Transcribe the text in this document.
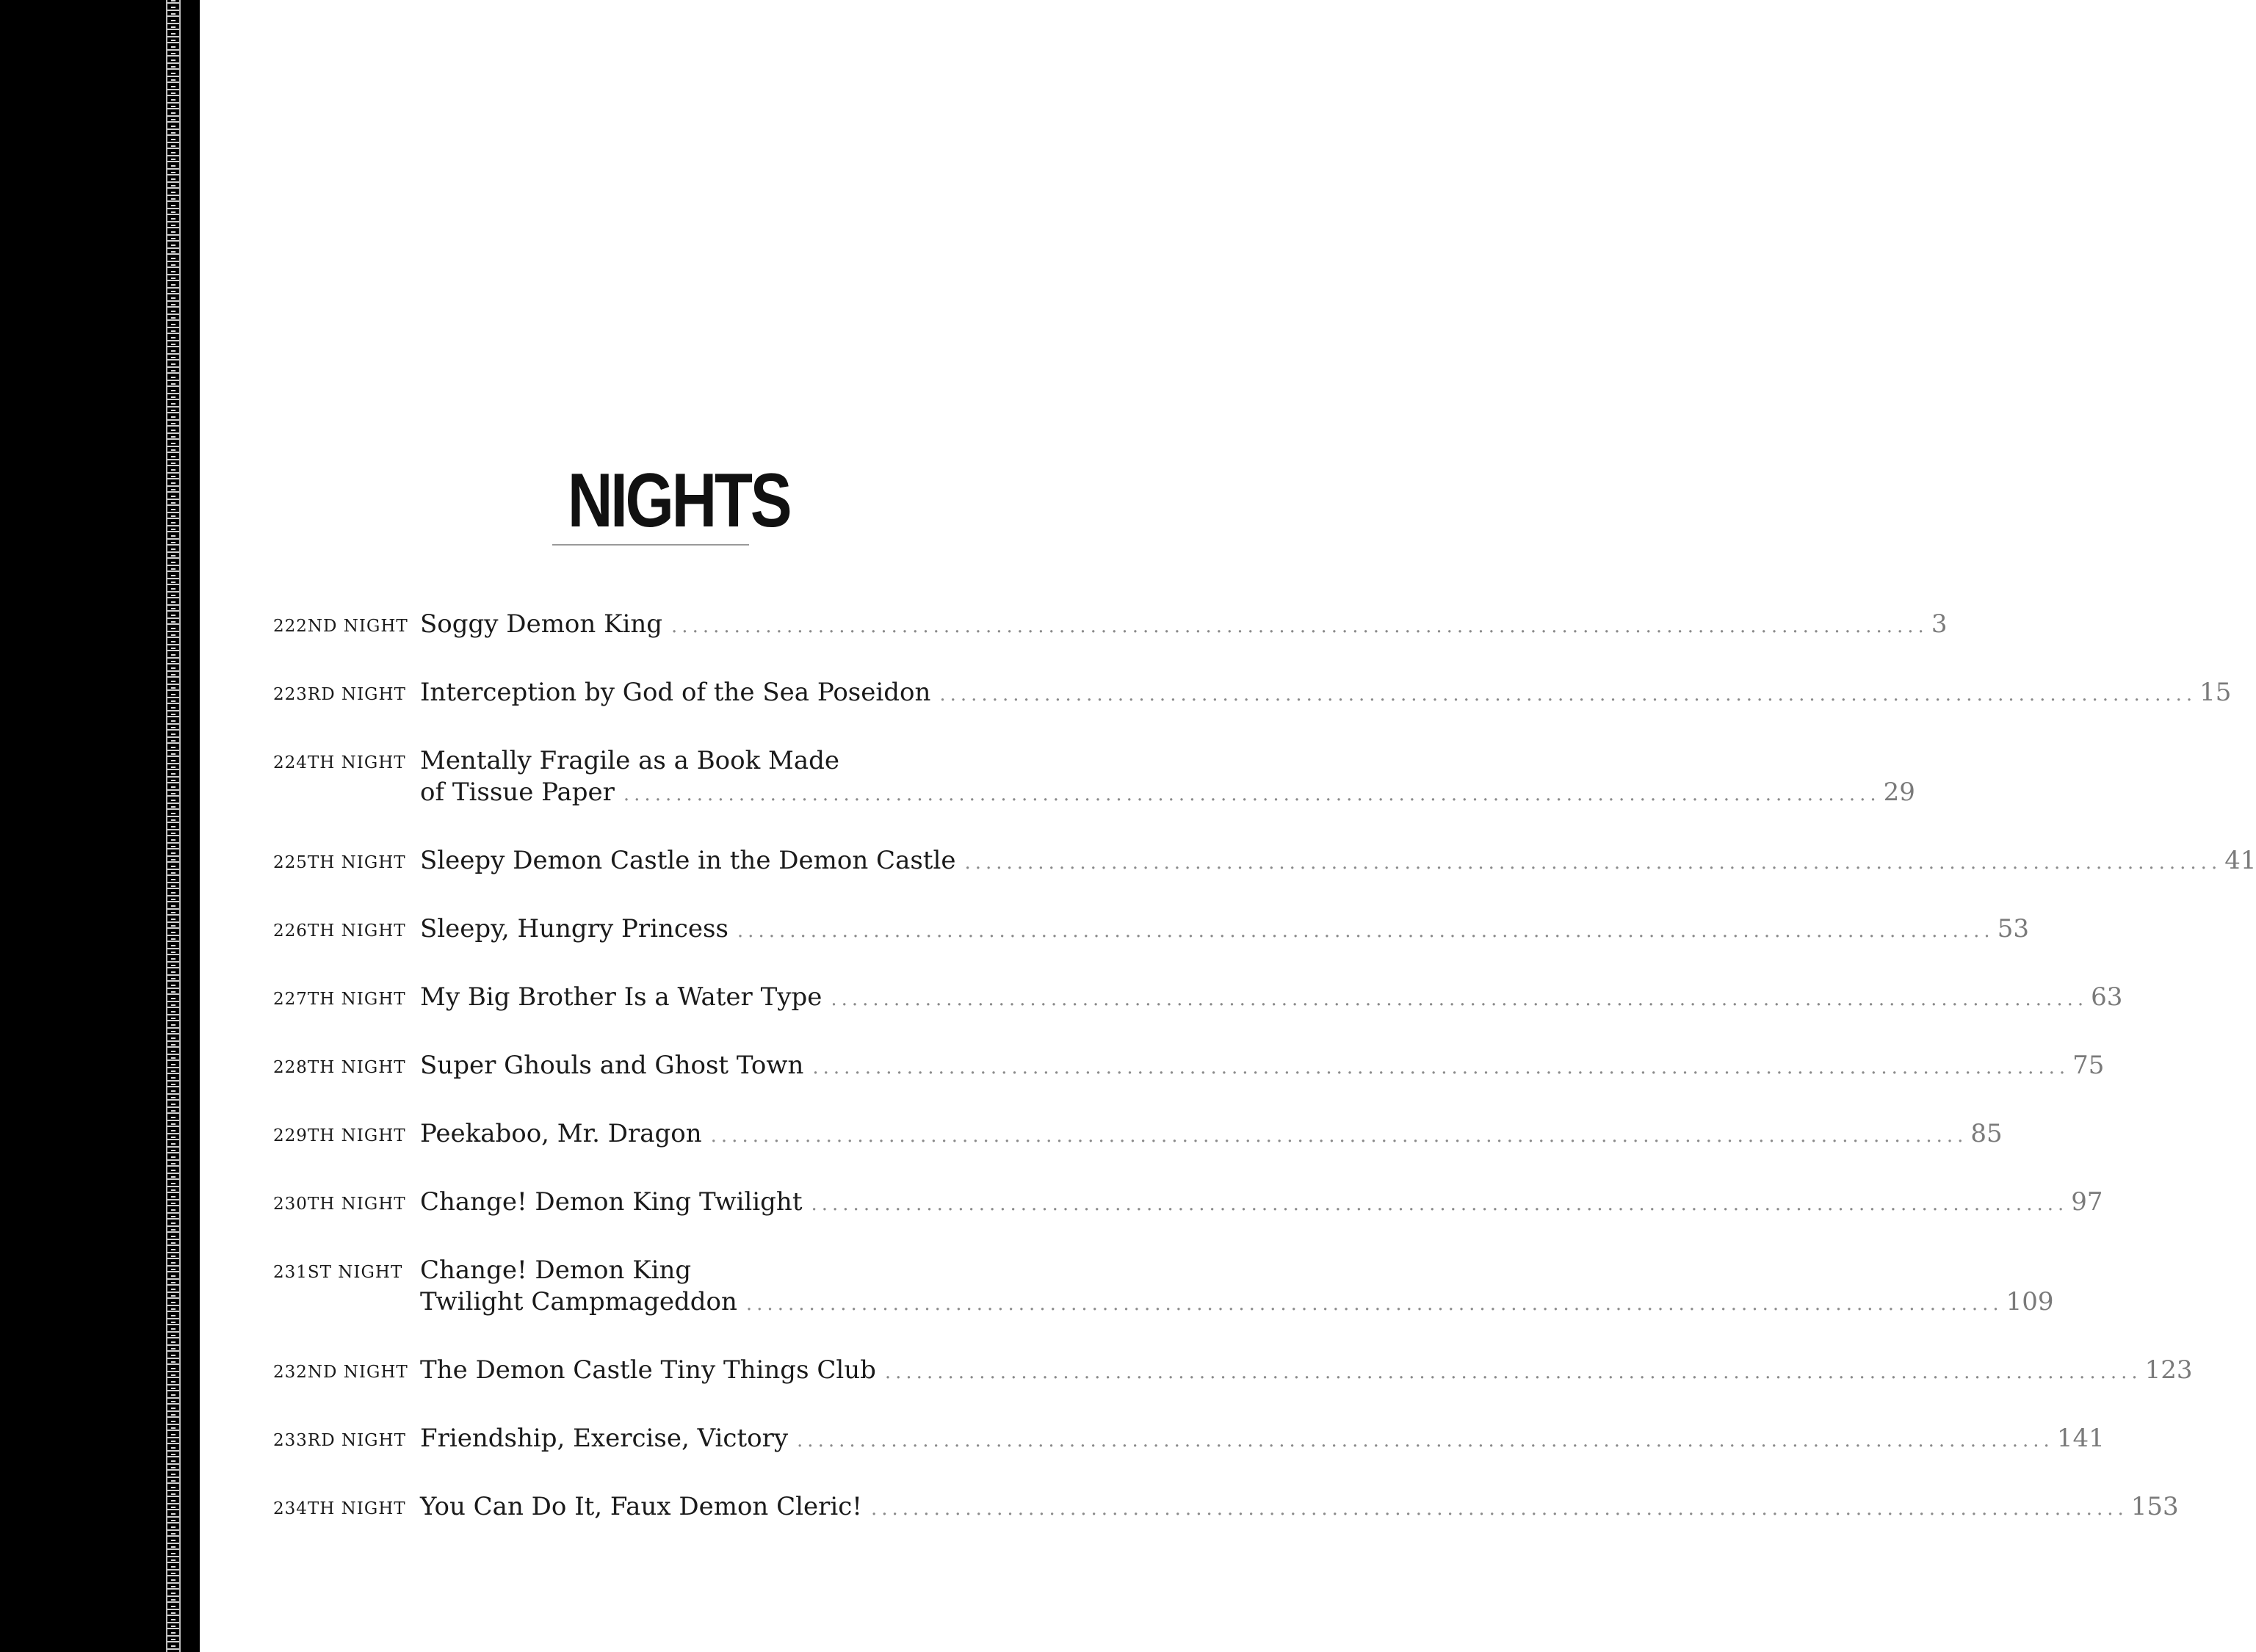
NIGHTS
222ND NIGHT Soggy Demon King ........................................................................................................................ 3
223RD NIGHT Interception by God of the Sea Poseidon ........................................................................................................................ 15
224TH NIGHT Mentally Fragile as a Book Made
of Tissue Paper ........................................................................................................................ 29
225TH NIGHT Sleepy Demon Castle in the Demon Castle ........................................................................................................................ 41
226TH NIGHT Sleepy, Hungry Princess ........................................................................................................................ 53
227TH NIGHT My Big Brother Is a Water Type ........................................................................................................................ 63
228TH NIGHT Super Ghouls and Ghost Town ........................................................................................................................ 75
229TH NIGHT Peekaboo, Mr. Dragon ........................................................................................................................ 85
230TH NIGHT Change! Demon King Twilight ........................................................................................................................ 97
231ST NIGHT Change! Demon King
Twilight Campmageddon ........................................................................................................................ 109
232ND NIGHT The Demon Castle Tiny Things Club ........................................................................................................................ 123
233RD NIGHT Friendship, Exercise, Victory ........................................................................................................................ 141
234TH NIGHT You Can Do It, Faux Demon Cleric! ........................................................................................................................ 153
